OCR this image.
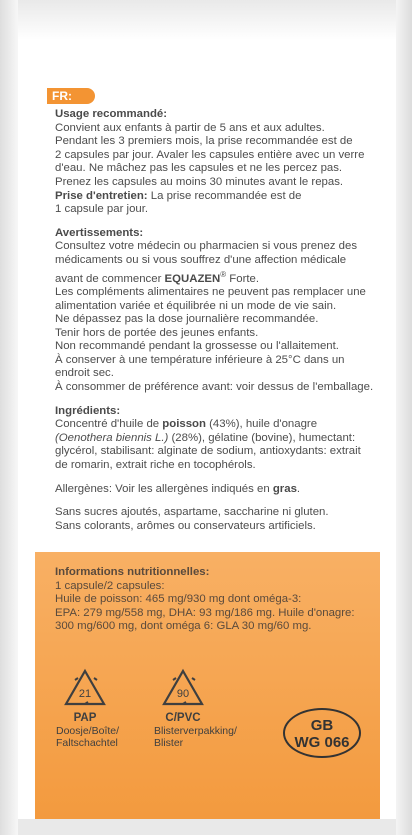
FR:

Usage recommandé:

Convient aux enfants à partir de 5 ans et aux adultes.

Pendant les 3 premiers mois, la prise recommandée est de

2 capsules par jour. Avaler les capsules entière avec un verre

d'eau. Ne mâchez pas les capsules et ne les percez pas.

Prenez les capsules au moins 30 minutes avant le repas.

Prise d'entretien: La prise recommandée est de

1 capsule par jour.

Avertissements:

Consultez votre médecin ou pharmacien si vous prenez des

médicaments ou si vous souffrez d'une affection médicale

avant de commencer EQUAZEN® Forte.

Les compléments alimentaires ne peuvent pas remplacer une

alimentation variée et équilibrée ni un mode de vie sain.

Ne dépassez pas la dose journalière recommandée.

Tenir hors de portée des jeunes enfants.

Non recommandé pendant la grossesse ou l'allaitement.

À conserver à une température inférieure à 25°C dans un

endroit sec.

À consommer de préférence avant: voir dessus de l'emballage.

Ingrédients:

Concentré d'huile de poisson (43%), huile d'onagre

(Oenothera biennis L.) (28%), gélatine (bovine), humectant:

glycérol, stabilisant: alginate de sodium, antioxydants: extrait

de romarin, extrait riche en tocophérols.

Allergènes: Voir les allergènes indiqués en gras.

Sans sucres ajoutés, aspartame, saccharine ni gluten.

Sans colorants, arômes ou conservateurs artificiels.

Informations nutritionnelles:

1 capsule/2 capsules:

Huile de poisson: 465 mg/930 mg dont oméga-3:

EPA: 279 mg/558 mg, DHA: 93 mg/186 mg. Huile d'onagre:

300 mg/600 mg, dont oméga 6: GLA 30 mg/60 mg.

21
PAP
Doosje/Boîte/
Faltschachtel
90
C/PVC
Blisterverpakking/
Blister
GB
WG 066
